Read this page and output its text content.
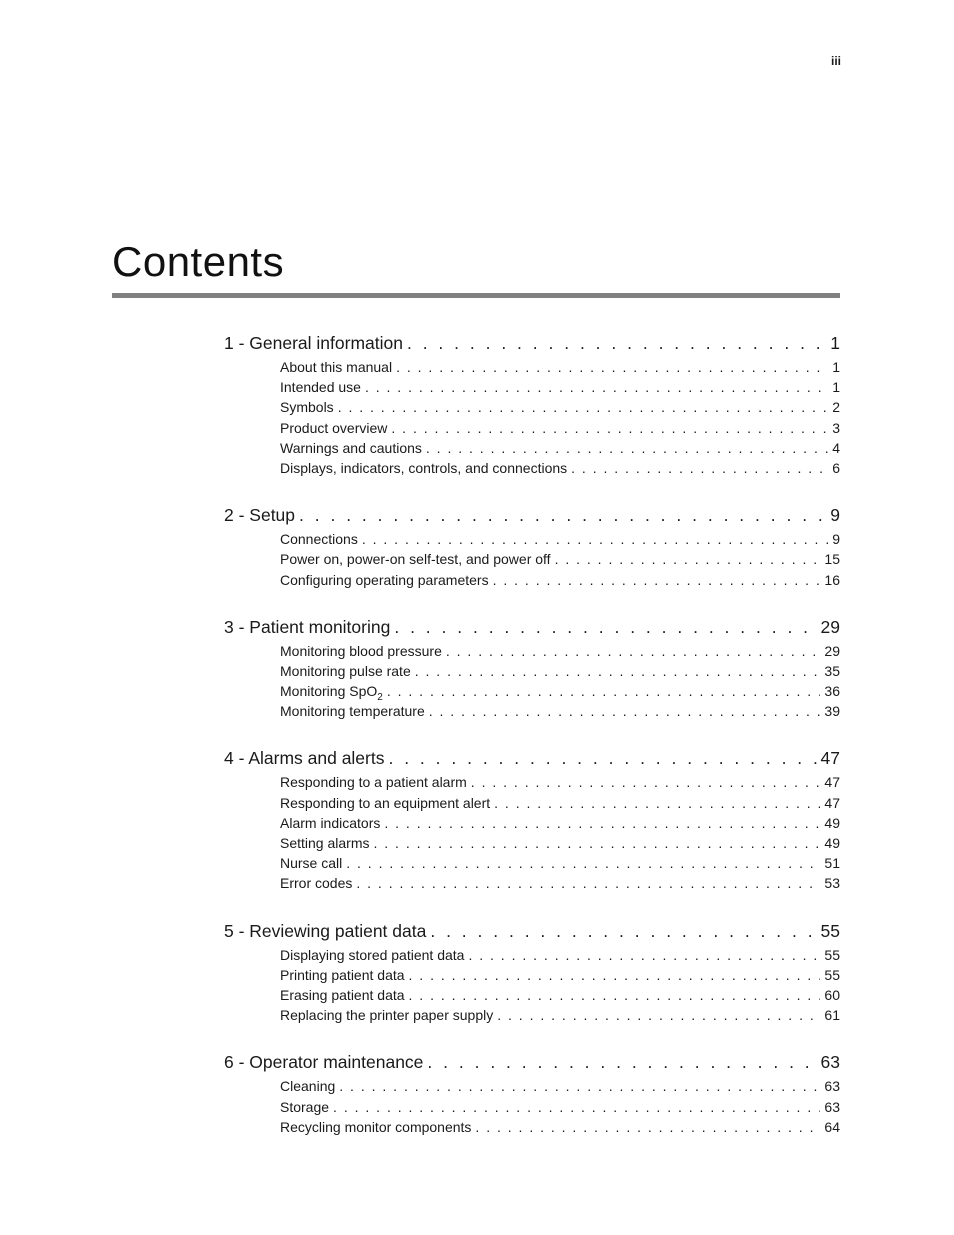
iii
Contents
1 - General information . . .	1
About this manual . . .	1
Intended use . . .	1
Symbols . . .	2
Product overview . . .	3
Warnings and cautions . . .	4
Displays, indicators, controls, and connections . . .	6
2 - Setup . . .	9
Connections . . .	9
Power on, power-on self-test, and power off . . .	15
Configuring operating parameters . . .	16
3 - Patient monitoring . . .	29
Monitoring blood pressure . . .	29
Monitoring pulse rate . . .	35
Monitoring SpO$_2$ . . .	36
Monitoring temperature . . .	39
4 - Alarms and alerts . . .	47
Responding to a patient alarm . . .	47
Responding to an equipment alert . . .	47
Alarm indicators . . .	49
Setting alarms . . .	49
Nurse call . . .	51
Error codes . . .	53
5 - Reviewing patient data . . .	55
Displaying stored patient data . . .	55
Printing patient data . . .	55
Erasing patient data . . .	60
Replacing the printer paper supply . . .	61
6 - Operator maintenance . . .	63
Cleaning . . .	63
Storage . . .	63
Recycling monitor components . . .	64
